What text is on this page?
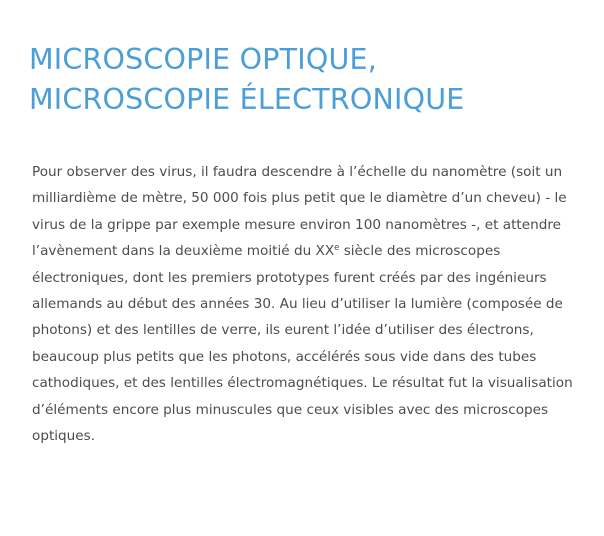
MICROSCOPIE OPTIQUE,
MICROSCOPIE ÉLECTRONIQUE

Pour observer des virus, il faudra descendre à l’échelle du nanomètre (soit un
milliardième de mètre, 50 000 fois plus petit que le diamètre d’un cheveu) - le
virus de la grippe par exemple mesure environ 100 nanomètres -, et attendre
l’avènement dans la deuxième moitié du XXe siècle des microscopes
électroniques, dont les premiers prototypes furent créés par des ingénieurs
allemands au début des années 30. Au lieu d’utiliser la lumière (composée de
photons) et des lentilles de verre, ils eurent l’idée d’utiliser des électrons,
beaucoup plus petits que les photons, accélérés sous vide dans des tubes
cathodiques, et des lentilles électromagnétiques. Le résultat fut la visualisation
d’éléments encore plus minuscules que ceux visibles avec des microscopes
optiques.
